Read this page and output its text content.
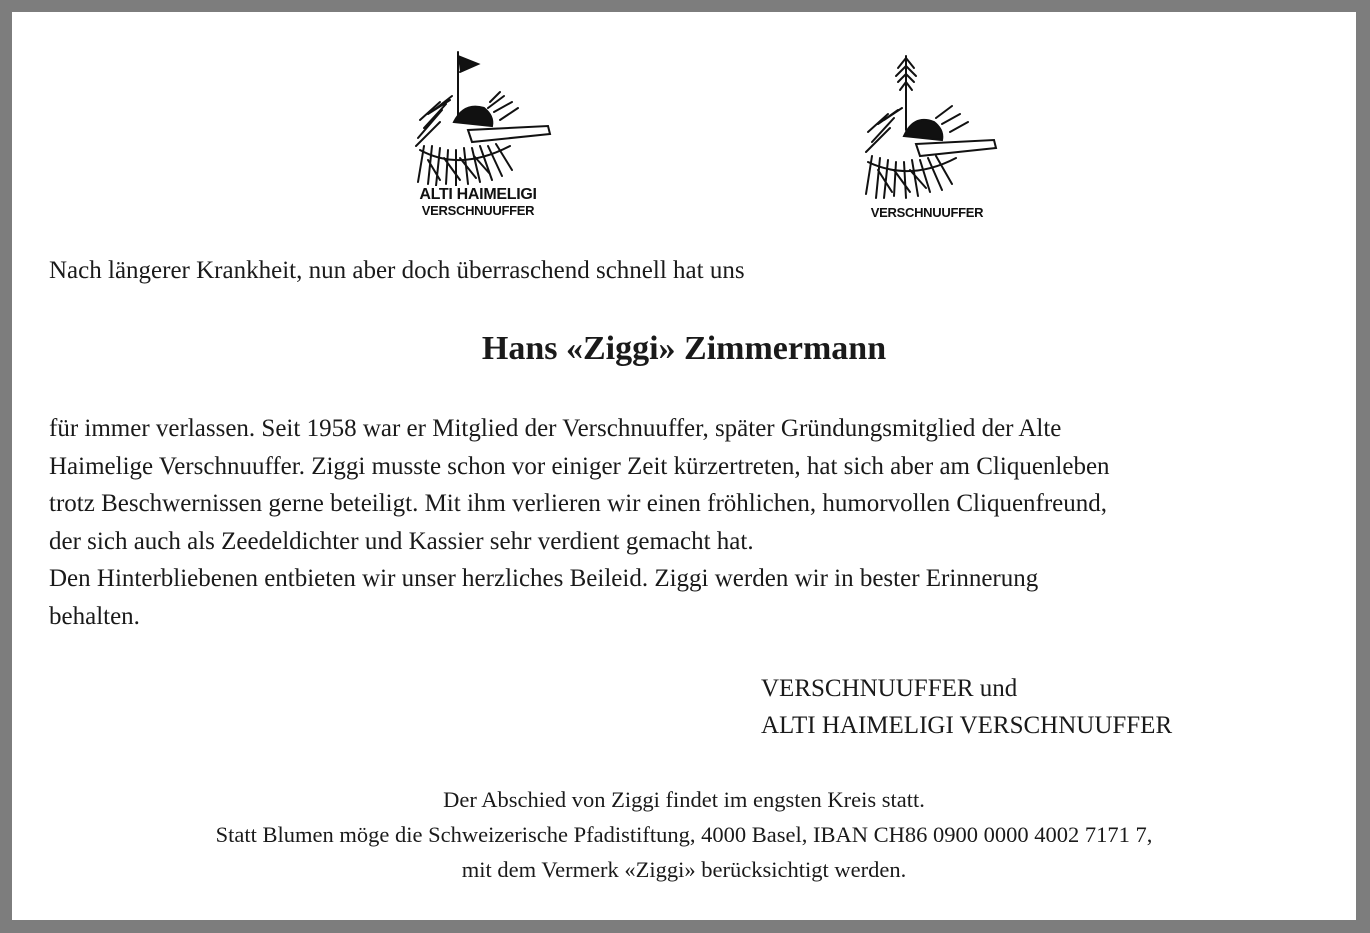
ALTI HAIMELIGI
VERSCHNUUFFER	VERSCHNUUFFER
Nach längerer Krankheit, nun aber doch überraschend schnell hat uns
Hans «Ziggi» Zimmermann
für immer verlassen. Seit 1958 war er Mitglied der Verschnuuffer, später Gründungsmitglied der Alte
Haimelige Verschnuuffer. Ziggi musste schon vor einiger Zeit kürzertreten, hat sich aber am Cliquenleben
trotz Beschwernissen gerne beteiligt. Mit ihm verlieren wir einen fröhlichen, humorvollen Cliquenfreund,
der sich auch als Zeedeldichter und Kassier sehr verdient gemacht hat.
Den Hinterbliebenen entbieten wir unser herzliches Beileid. Ziggi werden wir in bester Erinnerung
behalten.
VERSCHNUUFFER und
ALTI HAIMELIGI VERSCHNUUFFER
Der Abschied von Ziggi findet im engsten Kreis statt.
Statt Blumen möge die Schweizerische Pfadistiftung, 4000 Basel, IBAN CH86 0900 0000 4002 7171 7,
mit dem Vermerk «Ziggi» berücksichtigt werden.
